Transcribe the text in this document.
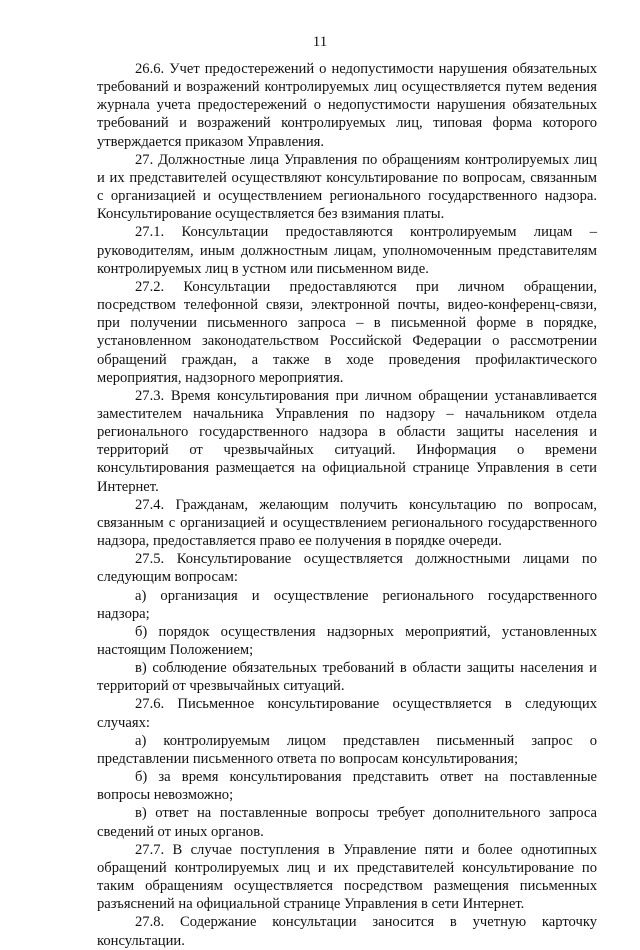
11

26.6. Учет предостережений о недопустимости нарушения обязательных требований и возражений контролируемых лиц осуществляется путем ведения журнала учета предостережений о недопустимости нарушения обязательных требований и возражений контролируемых лиц, типовая форма которого утверждается приказом Управления.

27. Должностные лица Управления по обращениям контролируемых лиц и их представителей осуществляют консультирование по вопросам, связанным с организацией и осуществлением регионального государственного надзора. Консультирование осуществляется без взимания платы.

27.1. Консультации предоставляются контролируемым лицам – руководителям, иным должностным лицам, уполномоченным представителям контролируемых лиц в устном или письменном виде.

27.2. Консультации предоставляются при личном обращении, посредством телефонной связи, электронной почты, видео-конференц-связи, при получении письменного запроса – в письменной форме в порядке, установленном законодательством Российской Федерации о рассмотрении обращений граждан, а также в ходе проведения профилактического мероприятия, надзорного мероприятия.

27.3. Время консультирования при личном обращении устанавливается заместителем начальника Управления по надзору – начальником отдела регионального государственного надзора в области защиты населения и территорий от чрезвычайных ситуаций. Информация о времени консультирования размещается на официальной странице Управления в сети Интернет.

27.4. Гражданам, желающим получить консультацию по вопросам, связанным с организацией и осуществлением регионального государственного надзора, предоставляется право ее получения в порядке очереди.

27.5. Консультирование осуществляется должностными лицами по следующим вопросам:

а) организация и осуществление регионального государственного надзора;

б) порядок осуществления надзорных мероприятий, установленных настоящим Положением;

в) соблюдение обязательных требований в области защиты населения и территорий от чрезвычайных ситуаций.

27.6. Письменное консультирование осуществляется в следующих случаях:

а) контролируемым лицом представлен письменный запрос о представлении письменного ответа по вопросам консультирования;

б) за время консультирования представить ответ на поставленные вопросы невозможно;

в) ответ на поставленные вопросы требует дополнительного запроса сведений от иных органов.

27.7. В случае поступления в Управление пяти и более однотипных обращений контролируемых лиц и их представителей консультирование по таким обращениям осуществляется посредством размещения письменных разъяснений на официальной странице Управления в сети Интернет.

27.8. Содержание консультации заносится в учетную карточку консультации.
